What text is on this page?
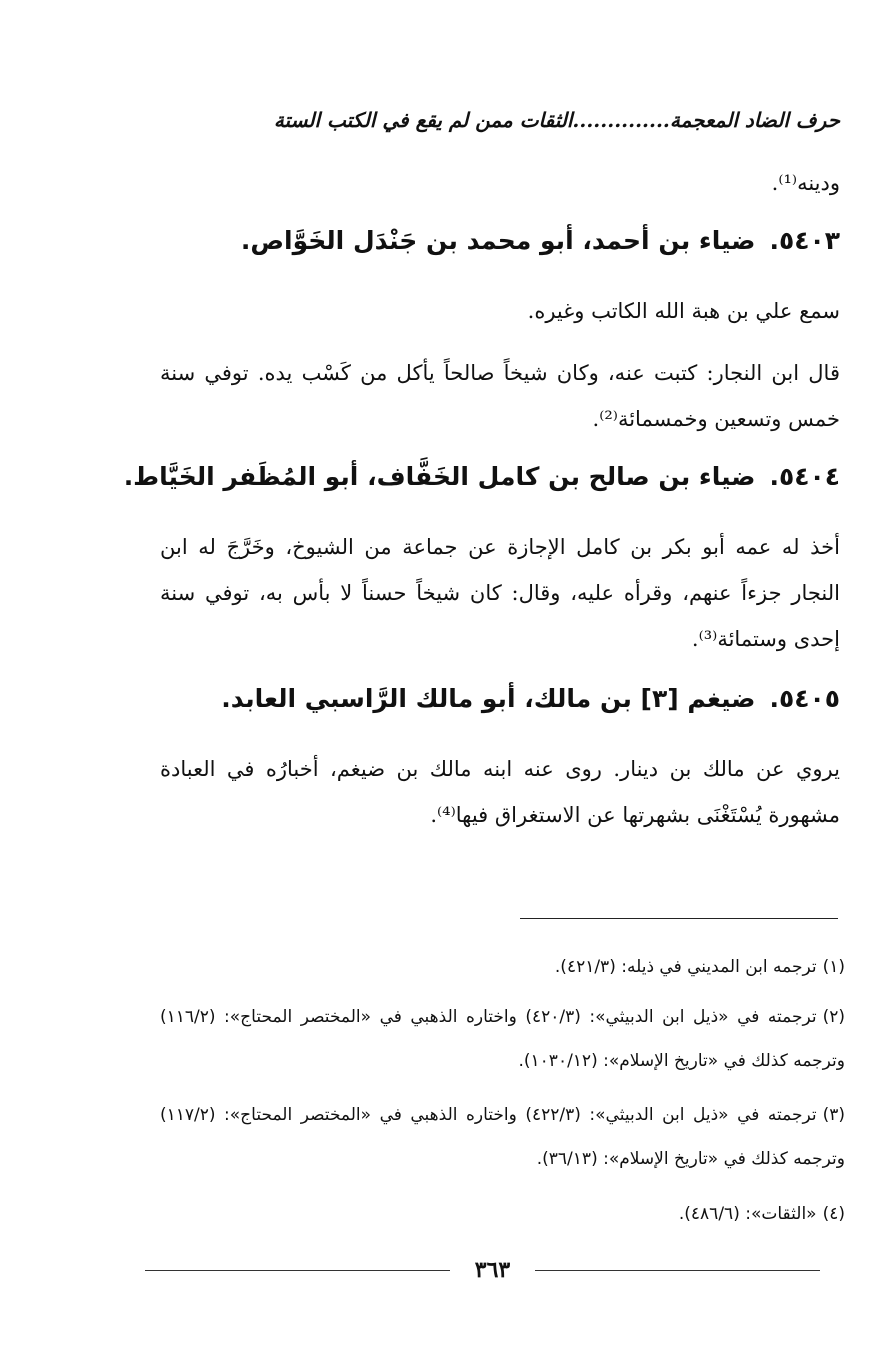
حرف الضاد المعجمة..............الثقات ممن لم يقع في الكتب الستة
ودينه⁽¹⁾.
٥٤٠٣.ضياء بن أحمد، أبو محمد بن جَنْدَل الخَوَّاص.
سمع علي بن هبة الله الكاتب وغيره.
قال ابن النجار: كتبت عنه، وكان شيخاً صالحاً يأكل من كَسْب يده. توفي سنة خمس وتسعين وخمسمائة⁽²⁾.
٥٤٠٤.ضياء بن صالح بن كامل الخَفَّاف، أبو المُظَفر الخَيَّاط.
أخذ له عمه أبو بكر بن كامل الإجازة عن جماعة من الشيوخ، وخَرَّجَ له ابن النجار جزءاً عنهم، وقرأه عليه، وقال: كان شيخاً حسناً لا بأس به، توفي سنة إحدى وستمائة⁽³⁾.
٥٤٠٥.ضيغم [٣] بن مالك، أبو مالك الرَّاسبي العابد.
يروي عن مالك بن دينار. روى عنه ابنه مالك بن ضيغم، أخبارُه في العبادة مشهورة يُسْتَغْنَى بشهرتها عن الاستغراق فيها⁽⁴⁾.
(١)ترجمه ابن المديني في ذيله: (٤٢١/٣).
(٢)ترجمته في «ذيل ابن الدبيثي»: (٤٢٠/٣) واختاره الذهبي في «المختصر المحتاج»: (١١٦/٢) وترجمه كذلك في «تاريخ الإسلام»: (١٠٣٠/١٢).
(٣)ترجمته في «ذيل ابن الدبيثي»: (٤٢٢/٣) واختاره الذهبي في «المختصر المحتاج»: (١١٧/٢) وترجمه كذلك في «تاريخ الإسلام»: (٣٦/١٣).
(٤)«الثقات»: (٤٨٦/٦).
٣٦٣
